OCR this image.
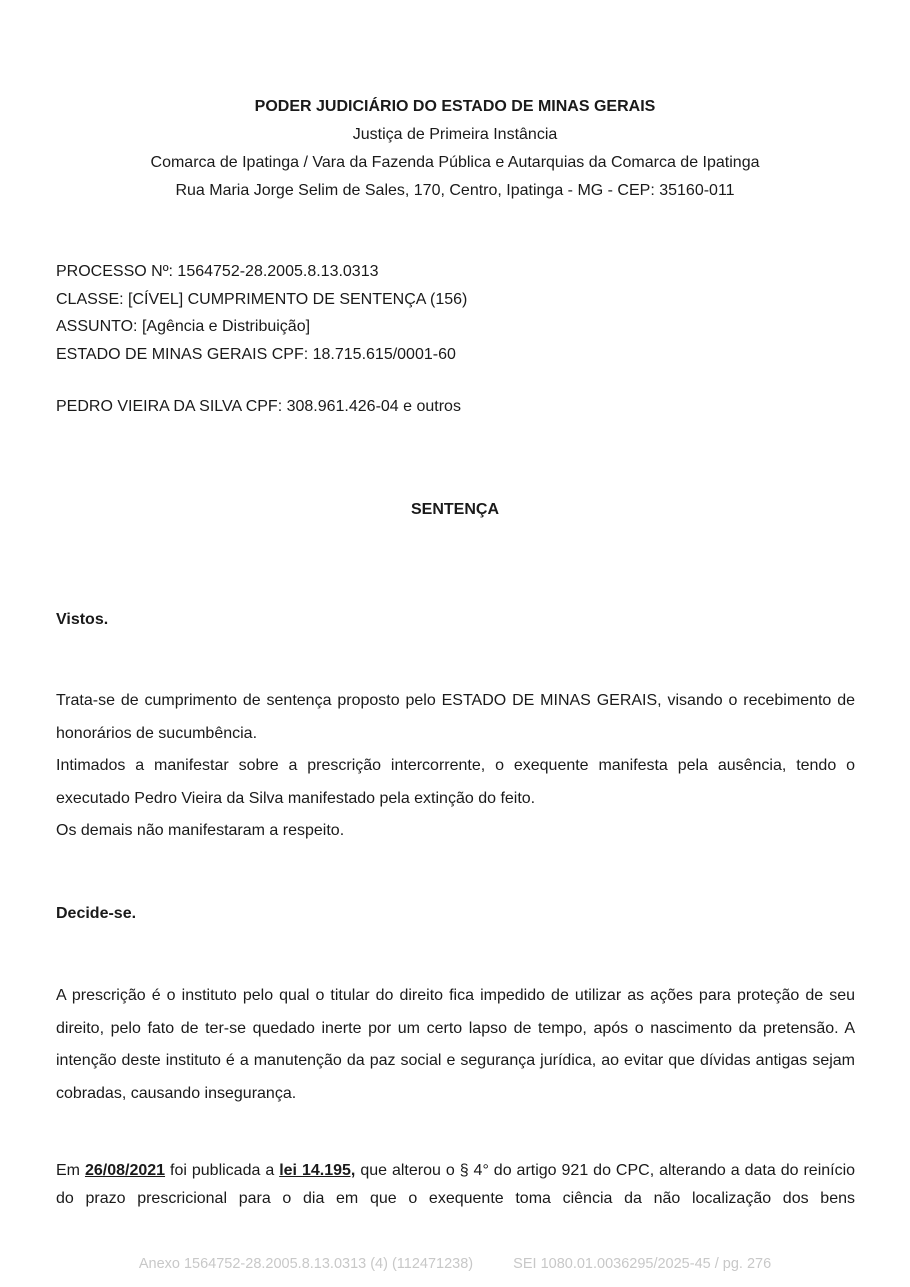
PODER JUDICIÁRIO DO ESTADO DE MINAS GERAIS
Justiça de Primeira Instância
Comarca de Ipatinga / Vara da Fazenda Pública e Autarquias da Comarca de Ipatinga
Rua Maria Jorge Selim de Sales, 170, Centro, Ipatinga - MG - CEP: 35160-011
PROCESSO Nº: 1564752-28.2005.8.13.0313
CLASSE: [CÍVEL] CUMPRIMENTO DE SENTENÇA (156)
ASSUNTO: [Agência e Distribuição]
ESTADO DE MINAS GERAIS CPF: 18.715.615/0001-60
PEDRO VIEIRA DA SILVA CPF: 308.961.426-04 e outros
SENTENÇA
Vistos.

Trata-se de cumprimento de sentença proposto pelo ESTADO DE MINAS GERAIS, visando o recebimento de honorários de sucumbência.

Intimados a manifestar sobre a prescrição intercorrente, o exequente manifesta pela ausência, tendo o executado Pedro Vieira da Silva manifestado pela extinção do feito.

Os demais não manifestaram a respeito.

Decide-se.

A prescrição é o instituto pelo qual o titular do direito fica impedido de utilizar as ações para proteção de seu direito, pelo fato de ter-se quedado inerte por um certo lapso de tempo, após o nascimento da pretensão. A intenção deste instituto é a manutenção da paz social e segurança jurídica, ao evitar que dívidas antigas sejam cobradas, causando insegurança.

Em 26/08/2021 foi publicada a lei 14.195, que alterou o § 4° do artigo 921 do CPC, alterando a data do reinício do prazo prescricional para o dia em que o exequente toma ciência da não localização dos bens

Anexo 1564752-28.2005.8.13.0313 (4) (112471238)	SEI 1080.01.0036295/2025-45 / pg. 276
